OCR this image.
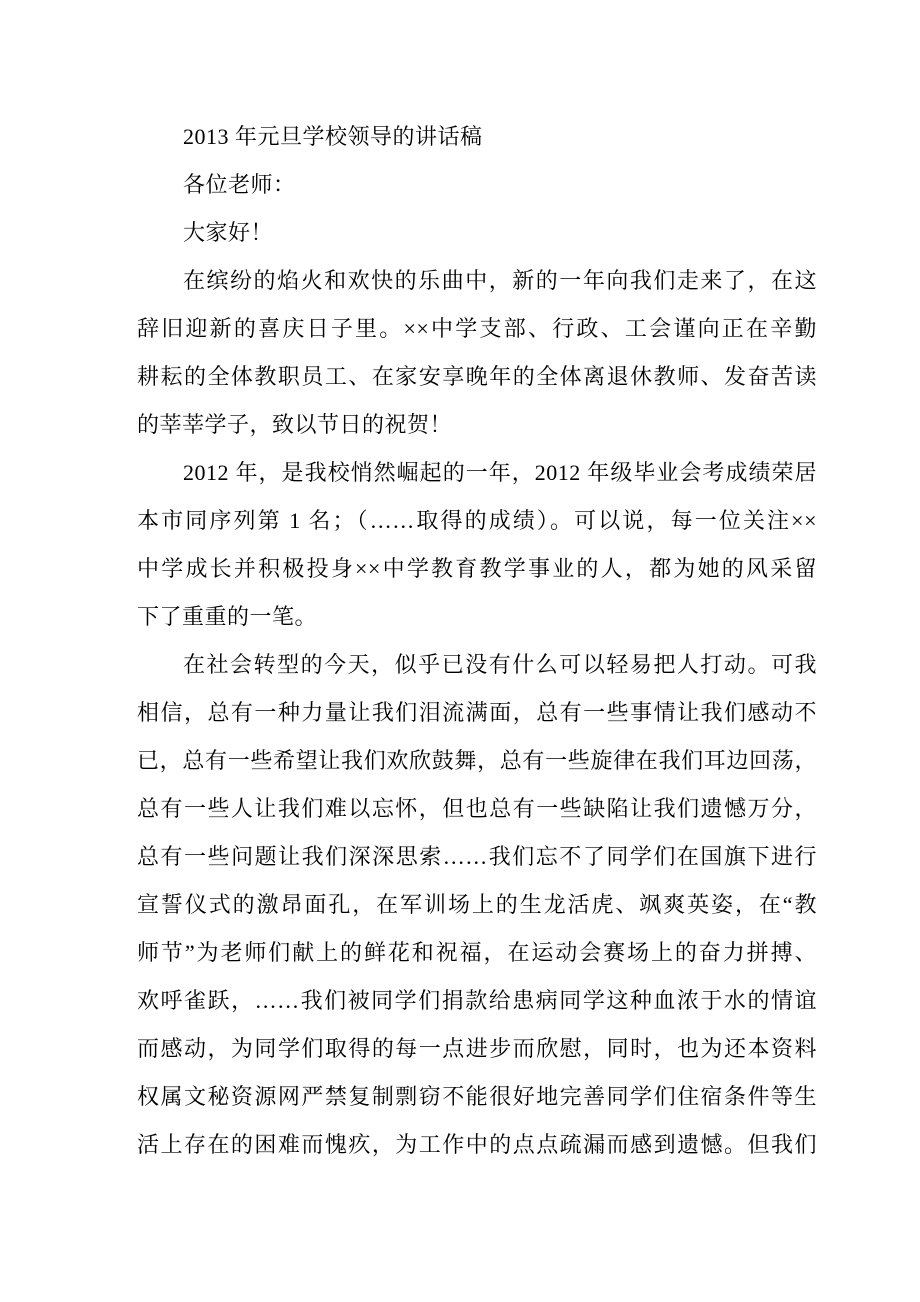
2013 年元旦学校领导的讲话稿
各位老师：
大家好！
在缤纷的焰火和欢快的乐曲中，新的一年向我们走来了，在这
辞旧迎新的喜庆日子里。××中学支部、行政、工会谨向正在辛勤
耕耘的全体教职员工、在家安享晚年的全体离退休教师、发奋苦读
的莘莘学子，致以节日的祝贺！
2012 年，是我校悄然崛起的一年，2012 年级毕业会考成绩荣居
本市同序列第 1 名；（……取得的成绩）。可以说，每一位关注××
中学成长并积极投身××中学教育教学事业的人，都为她的风采留
下了重重的一笔。
在社会转型的今天，似乎已没有什么可以轻易把人打动。可我
相信，总有一种力量让我们泪流满面，总有一些事情让我们感动不
已，总有一些希望让我们欢欣鼓舞，总有一些旋律在我们耳边回荡，
总有一些人让我们难以忘怀，但也总有一些缺陷让我们遗憾万分，
总有一些问题让我们深深思索……我们忘不了同学们在国旗下进行
宣誓仪式的激昂面孔，在军训场上的生龙活虎、飒爽英姿，在“教
师节”为老师们献上的鲜花和祝福，在运动会赛场上的奋力拼搏、
欢呼雀跃，……我们被同学们捐款给患病同学这种血浓于水的情谊
而感动，为同学们取得的每一点进步而欣慰，同时，也为还本资料
权属文秘资源网严禁复制剽窃不能很好地完善同学们住宿条件等生
活上存在的困难而愧疚，为工作中的点点疏漏而感到遗憾。但我们
